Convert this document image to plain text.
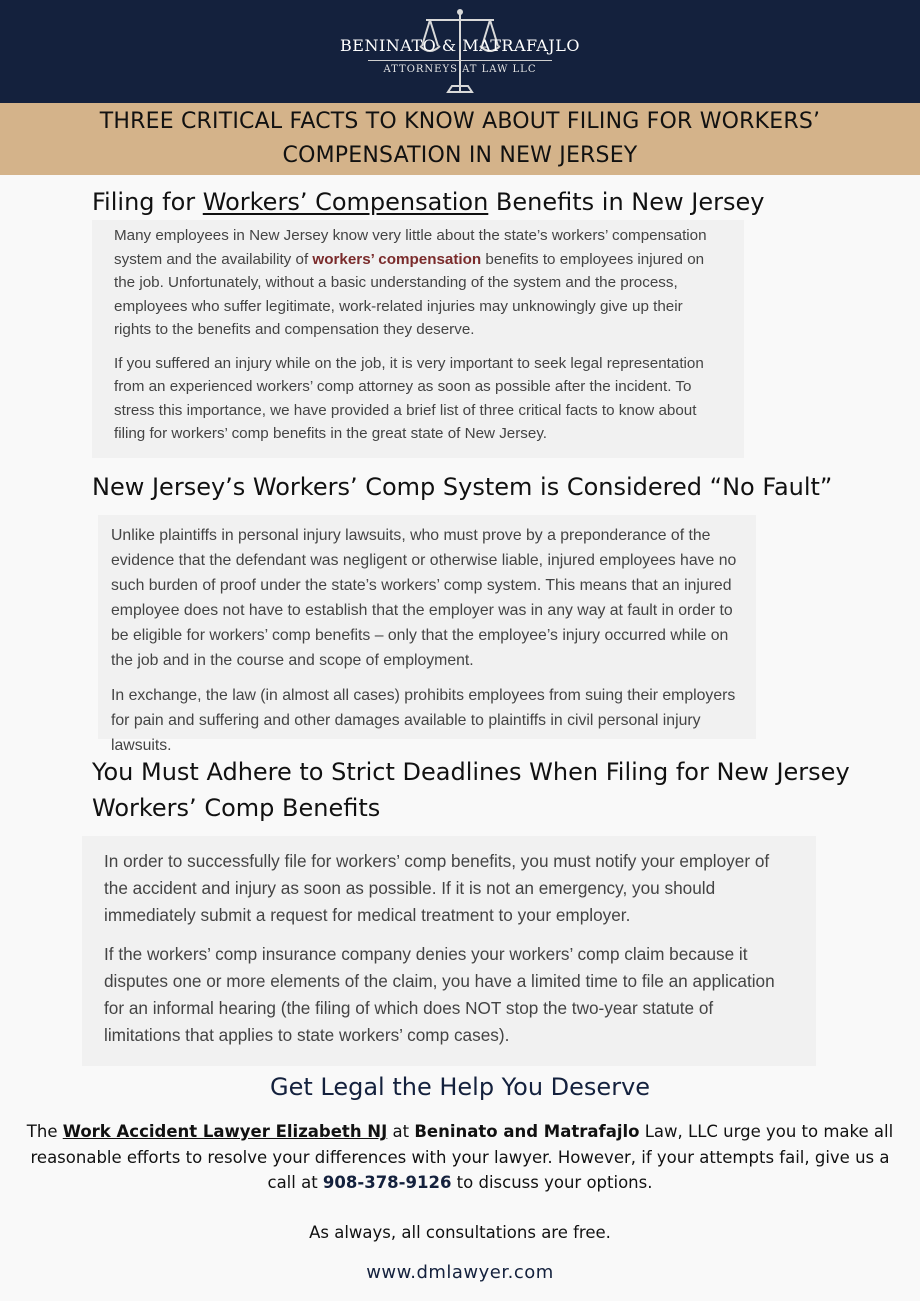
BENINATO & MATRAFAJLO
ATTORNEYS AT LAW LLC
THREE CRITICAL FACTS TO KNOW ABOUT FILING FOR WORKERS’ COMPENSATION IN NEW JERSEY
Filing for Workers’ Compensation Benefits in New Jersey

Many employees in New Jersey know very little about the state’s workers’ compensation system and the availability of workers’ compensation benefits to employees injured on the job. Unfortunately, without a basic understanding of the system and the process, employees who suffer legitimate, work-related injuries may unknowingly give up their rights to the benefits and compensation they deserve.

If you suffered an injury while on the job, it is very important to seek legal representation from an experienced workers’ comp attorney as soon as possible after the incident. To stress this importance, we have provided a brief list of three critical facts to know about filing for workers’ comp benefits in the great state of New Jersey.

New Jersey’s Workers’ Comp System is Considered “No Fault”

Unlike plaintiffs in personal injury lawsuits, who must prove by a preponderance of the evidence that the defendant was negligent or otherwise liable, injured employees have no such burden of proof under the state’s workers’ comp system. This means that an injured employee does not have to establish that the employer was in any way at fault in order to be eligible for workers’ comp benefits – only that the employee’s injury occurred while on the job and in the course and scope of employment.

In exchange, the law (in almost all cases) prohibits employees from suing their employers for pain and suffering and other damages available to plaintiffs in civil personal injury lawsuits.

You Must Adhere to Strict Deadlines When Filing for New Jersey Workers’ Comp Benefits

In order to successfully file for workers’ comp benefits, you must notify your employer of the accident and injury as soon as possible. If it is not an emergency, you should immediately submit a request for medical treatment to your employer.

If the workers’ comp insurance company denies your workers’ comp claim because it disputes one or more elements of the claim, you have a limited time to file an application for an informal hearing (the filing of which does NOT stop the two-year statute of limitations that applies to state workers’ comp cases).

Get Legal the Help You Deserve

The Work Accident Lawyer Elizabeth NJ at Beninato and Matrafajlo Law, LLC urge you to make all reasonable efforts to resolve your differences with your lawyer. However, if your attempts fail, give us a call at 908-378-9126 to discuss your options.

As always, all consultations are free.

www.dmlawyer.com
